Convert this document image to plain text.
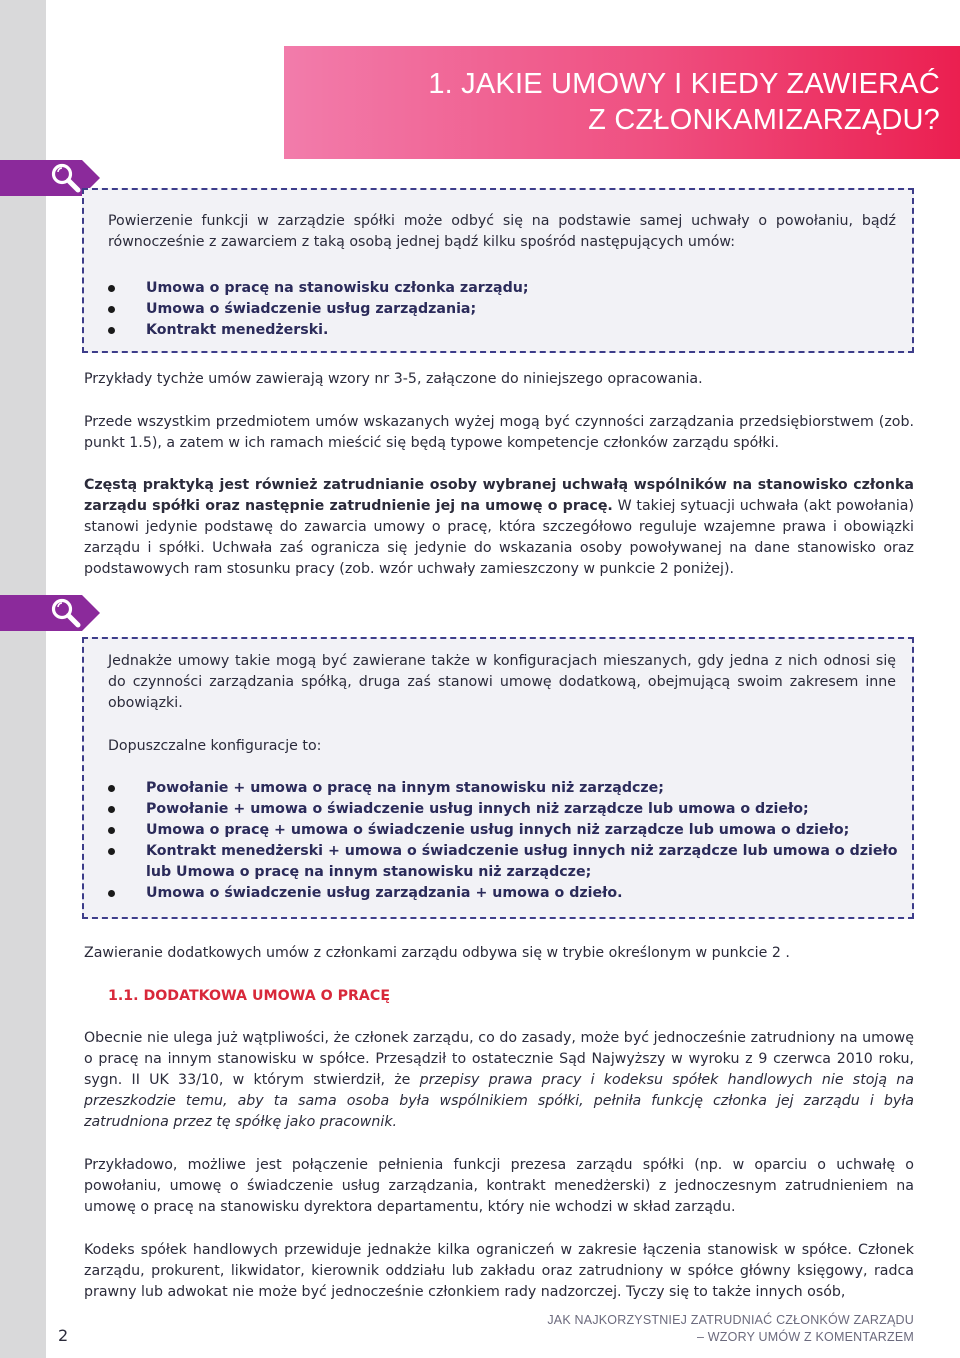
1. JAKIE UMOWY I KIEDY ZAWIERAĆ
Z CZŁONKAMIZARZĄDU?
Powierzenie funkcji w zarządzie spółki może odbyć się na podstawie samej uchwały o powołaniu, bądź równocześnie z zawarciem z taką osobą jednej bądź kilku spośród następujących umów:
Umowa o pracę na stanowisku członka zarządu;
Umowa o świadczenie usług zarządzania;
Kontrakt menedżerski.
Przykłady tychże umów zawierają wzory nr 3-5, załączone do niniejszego opracowania.
Przede wszystkim przedmiotem umów wskazanych wyżej mogą być czynności zarządzania przedsiębiorstwem (zob. punkt 1.5), a zatem w ich ramach mieścić się będą typowe kompetencje członków zarządu spółki.
Częstą praktyką jest również zatrudnianie osoby wybranej uchwałą wspólników na stanowisko członka zarządu spółki oraz następnie zatrudnienie jej na umowę o pracę. W takiej sytuacji uchwała (akt powołania) stanowi jedynie podstawę do zawarcia umowy o pracę, która szczegółowo reguluje wzajemne prawa i obowiązki zarządu i spółki. Uchwała zaś ogranicza się jedynie do wskazania osoby powoływanej na dane stanowisko oraz podstawowych ram stosunku pracy (zob. wzór uchwały zamieszczony w punkcie 2 poniżej).
Jednakże umowy takie mogą być zawierane także w konfiguracjach mieszanych, gdy jedna z nich odnosi się do czynności zarządzania spółką, druga zaś stanowi umowę dodatkową, obejmującą swoim zakresem inne obowiązki.
Dopuszczalne konfiguracje to:
Powołanie + umowa o pracę na innym stanowisku niż zarządcze;
Powołanie + umowa o świadczenie usług innych niż zarządcze lub umowa o dzieło;
Umowa o pracę + umowa o świadczenie usług innych niż zarządcze lub umowa o dzieło;
Kontrakt menedżerski + umowa o świadczenie usług innych niż zarządcze lub umowa o dzieło lub Umowa o pracę na innym stanowisku niż zarządcze;
Umowa o świadczenie usług zarządzania + umowa o dzieło.
Zawieranie dodatkowych umów z członkami zarządu odbywa się w trybie określonym w punkcie 2 .
1.1. DODATKOWA UMOWA O PRACĘ
Obecnie nie ulega już wątpliwości, że członek zarządu, co do zasady, może być jednocześnie zatrudniony na umowę o pracę na innym stanowisku w spółce. Przesądził to ostatecznie Sąd Najwyższy w wyroku z 9 czerwca 2010 roku, sygn. II UK 33/10, w którym stwierdził, że przepisy prawa pracy i kodeksu spółek handlowych nie stoją na przeszkodzie temu, aby ta sama osoba była wspólnikiem spółki, pełniła funkcję członka jej zarządu i była zatrudniona przez tę spółkę jako pracownik.
Przykładowo, możliwe jest połączenie pełnienia funkcji prezesa zarządu spółki (np. w oparciu o uchwałę o powołaniu, umowę o świadczenie usług zarządzania, kontrakt menedżerski) z jednoczesnym zatrudnieniem na umowę o pracę na stanowisku dyrektora departamentu, który nie wchodzi w skład zarządu.
Kodeks spółek handlowych przewiduje jednakże kilka ograniczeń w zakresie łączenia stanowisk w spółce. Członek zarządu, prokurent, likwidator, kierownik oddziału lub zakładu oraz zatrudniony w spółce główny księgowy, radca prawny lub adwokat nie może być jednocześnie członkiem rady nadzorczej. Tyczy się to także innych osób,
2
JAK NAJKORZYSTNIEJ ZATRUDNIAĆ CZŁONKÓW ZARZĄDU
– WZORY UMÓW Z KOMENTARZEM
